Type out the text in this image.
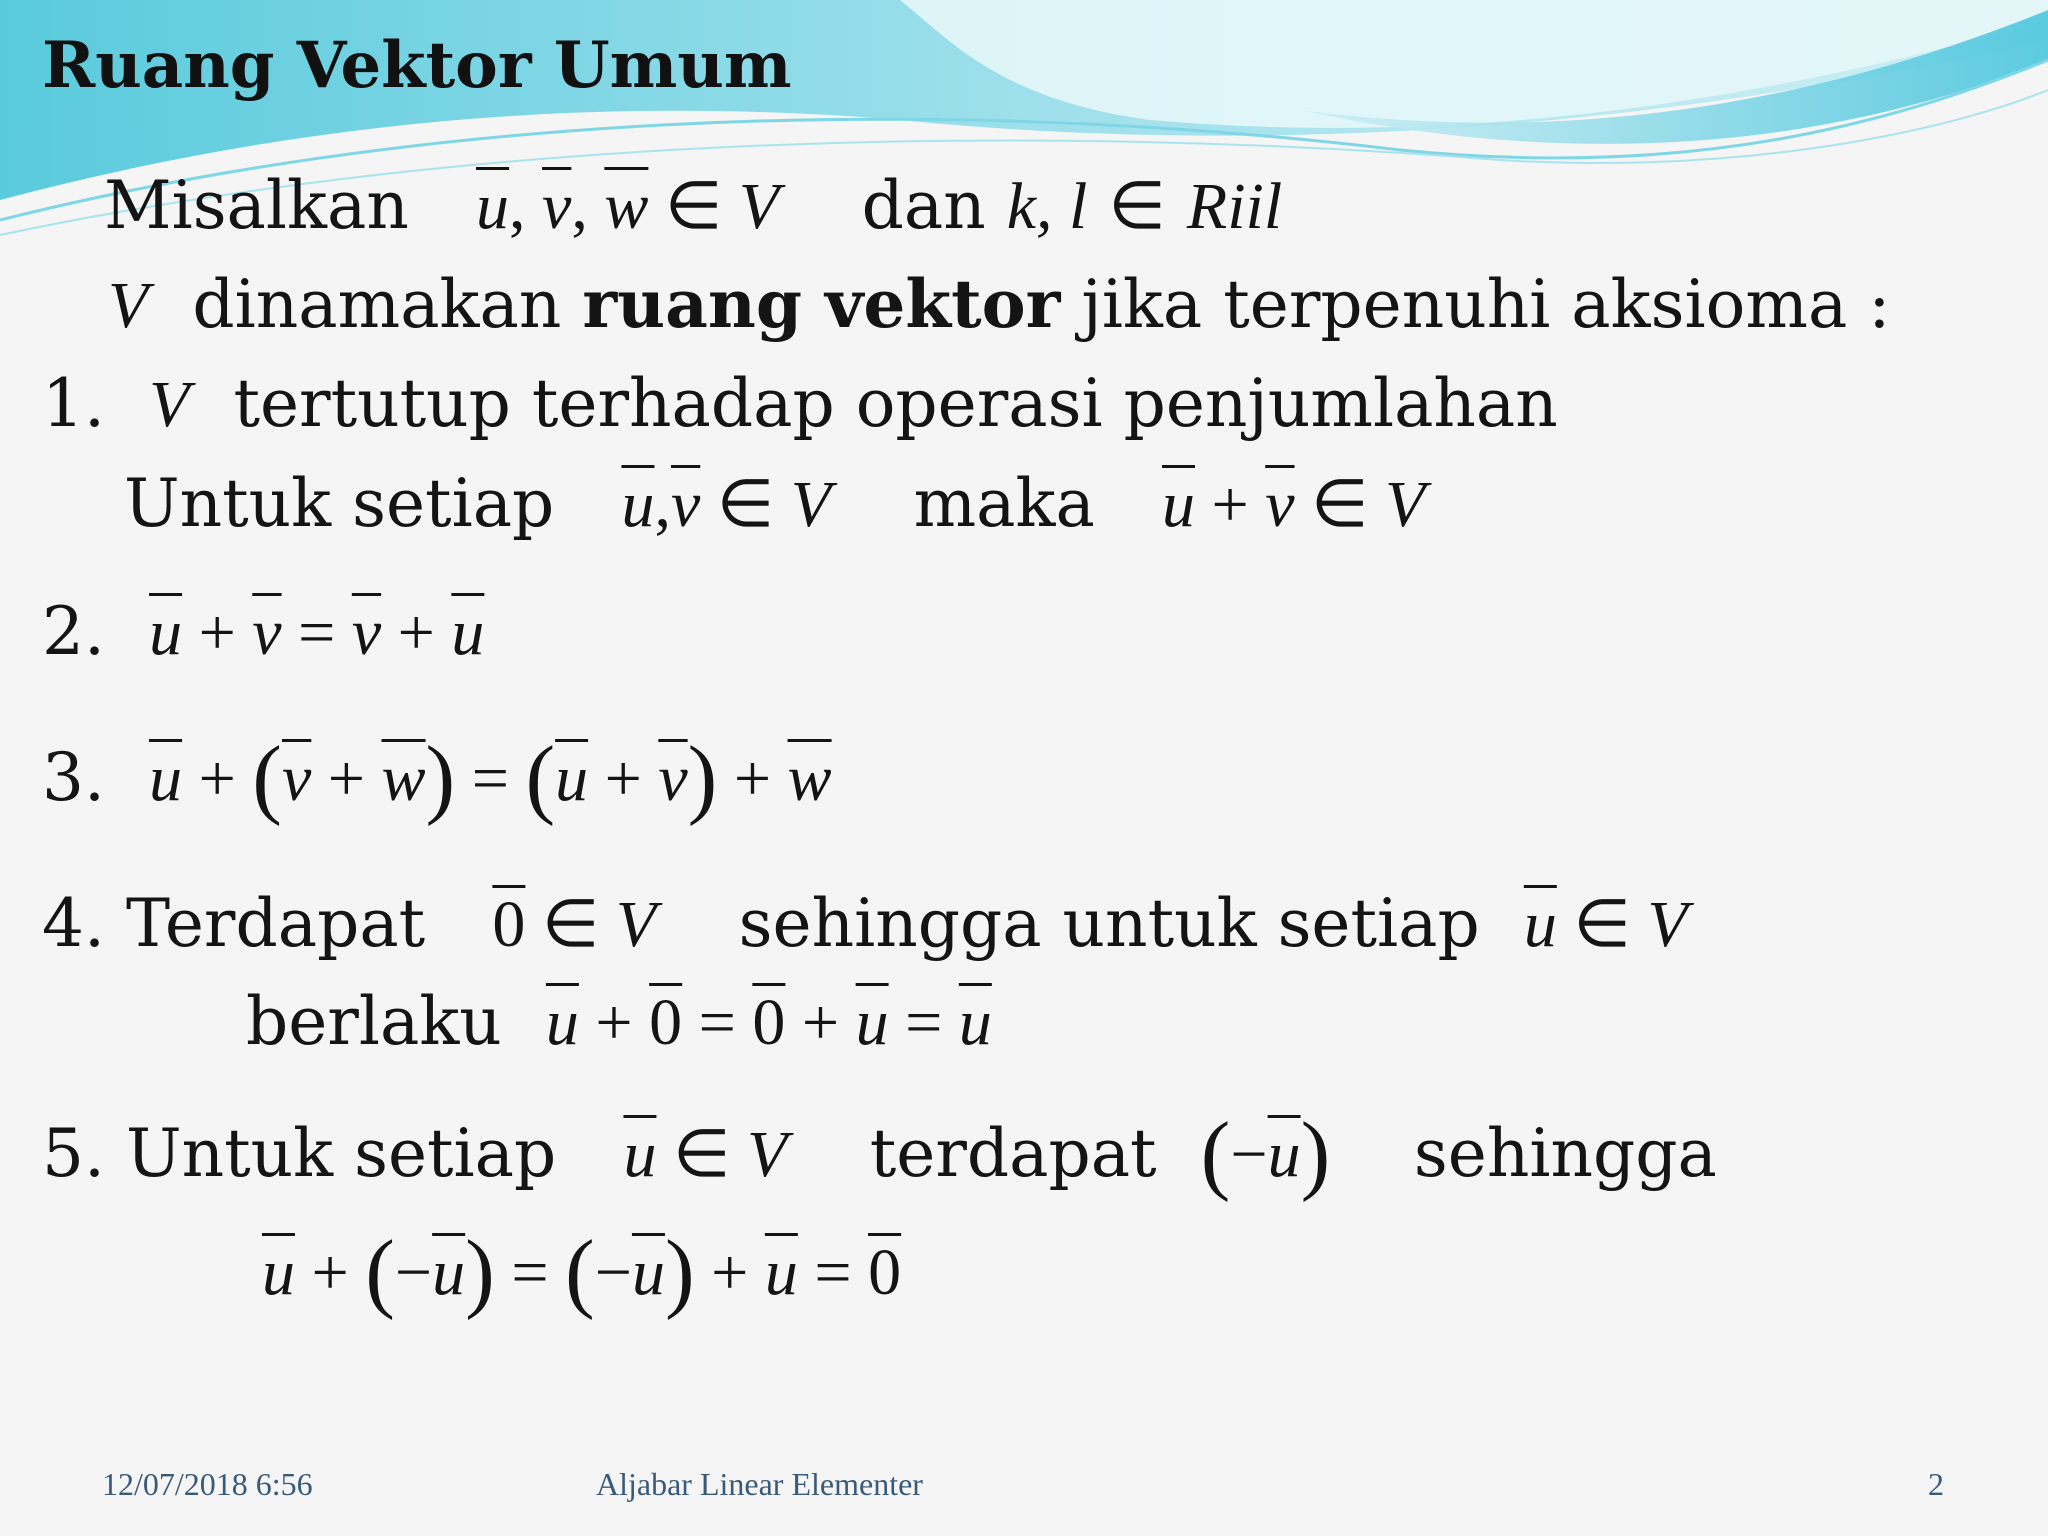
Ruang Vektor Umum
Misalkan $\overline{u}$, $\overline{v}$, $\overline{w}$ ∈ V dan k, l ∈ Riil
V dinamakan ruang vektor jika terpenuhi aksioma :
1. V tertutup terhadap operasi penjumlahan
Untuk setiap $\overline{u},\overline{v}$ ∈ V maka $\overline{u} + \overline{v}$ ∈ V
2. $\overline{u} + \overline{v} = \overline{v} + \overline{u}$
3. $\overline{u} + (\overline{v} + \overline{w}) = (\overline{u} + \overline{v}) + \overline{w}$
4. Terdapat 0 ∈ V sehingga untuk setiap $\overline{u}$ ∈ V
berlaku $\overline{u} + 0 = 0 + \overline{u} = \overline{u}$
5. Untuk setiap $\overline{u}$ ∈ V terdapat $(-\overline{u})$ sehingga
$\overline{u} + (-\overline{u}) = (-\overline{u}) + \overline{u} = 0$
12/07/2018 6:56	Aljabar Linear Elementer	2
